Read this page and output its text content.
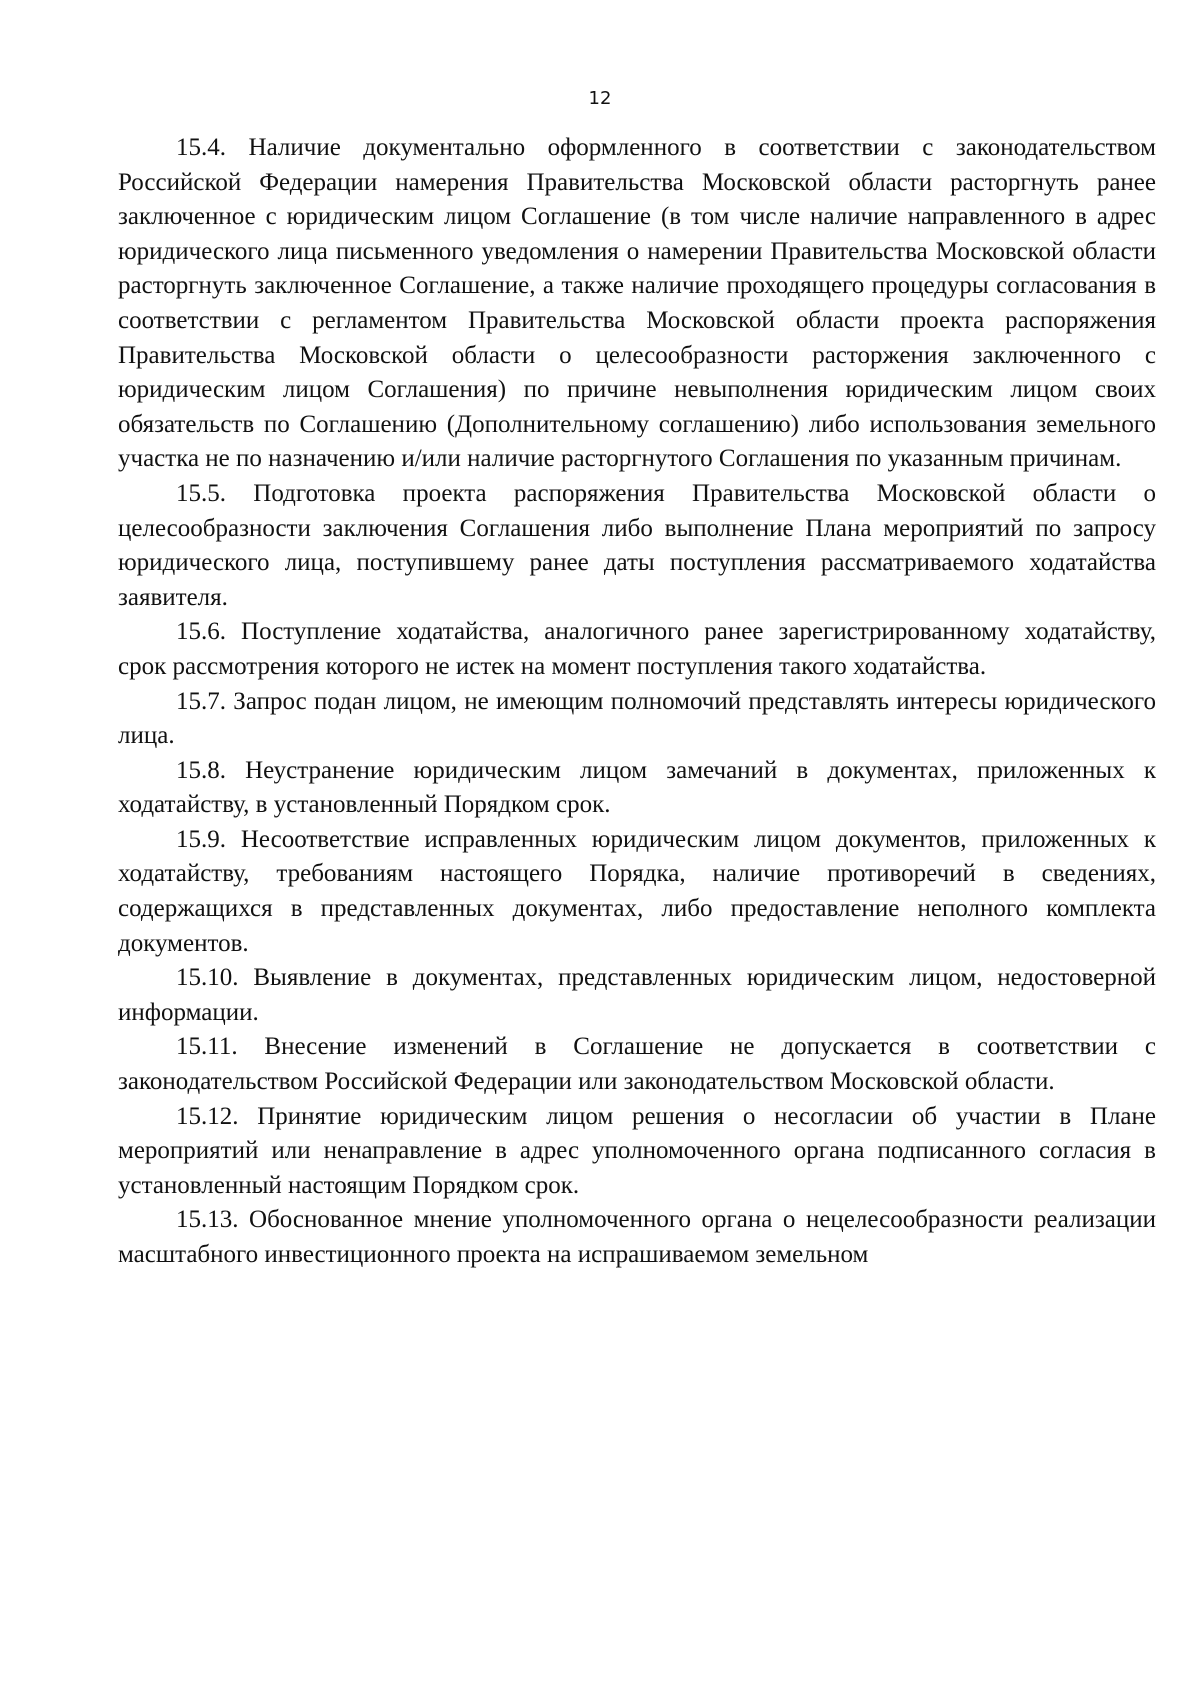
12

15.4. Наличие документально оформленного в соответствии с законодательством Российской Федерации намерения Правительства Московской области расторгнуть ранее заключенное с юридическим лицом Соглашение (в том числе наличие направленного в адрес юридического лица письменного уведомления о намерении Правительства Московской области расторгнуть заключенное Соглашение, а также наличие проходящего процедуры согласования в соответствии с регламентом Правительства Московской области проекта распоряжения Правительства Московской области о целесообразности расторжения заключенного с юридическим лицом Соглашения) по причине невыполнения юридическим лицом своих обязательств по Соглашению (Дополнительному соглашению) либо использования земельного участка не по назначению и/или наличие расторгнутого Соглашения по указанным причинам.

15.5. Подготовка проекта распоряжения Правительства Московской области о целесообразности заключения Соглашения либо выполнение Плана мероприятий по запросу юридического лица, поступившему ранее даты поступления рассматриваемого ходатайства заявителя.

15.6. Поступление ходатайства, аналогичного ранее зарегистрированному ходатайству, срок рассмотрения которого не истек на момент поступления такого ходатайства.

15.7. Запрос подан лицом, не имеющим полномочий представлять интересы юридического лица.

15.8. Неустранение юридическим лицом замечаний в документах, приложенных к ходатайству, в установленный Порядком срок.

15.9. Несоответствие исправленных юридическим лицом документов, приложенных к ходатайству, требованиям настоящего Порядка, наличие противоречий в сведениях, содержащихся в представленных документах, либо предоставление неполного комплекта документов.

15.10. Выявление в документах, представленных юридическим лицом, недостоверной информации.

15.11. Внесение изменений в Соглашение не допускается в соответствии с законодательством Российской Федерации или законодательством Московской области.

15.12. Принятие юридическим лицом решения о несогласии об участии в Плане мероприятий или ненаправление в адрес уполномоченного органа подписанного согласия в установленный настоящим Порядком срок.

15.13. Обоснованное мнение уполномоченного органа о нецелесообразности реализации масштабного инвестиционного проекта на испрашиваемом земельном
